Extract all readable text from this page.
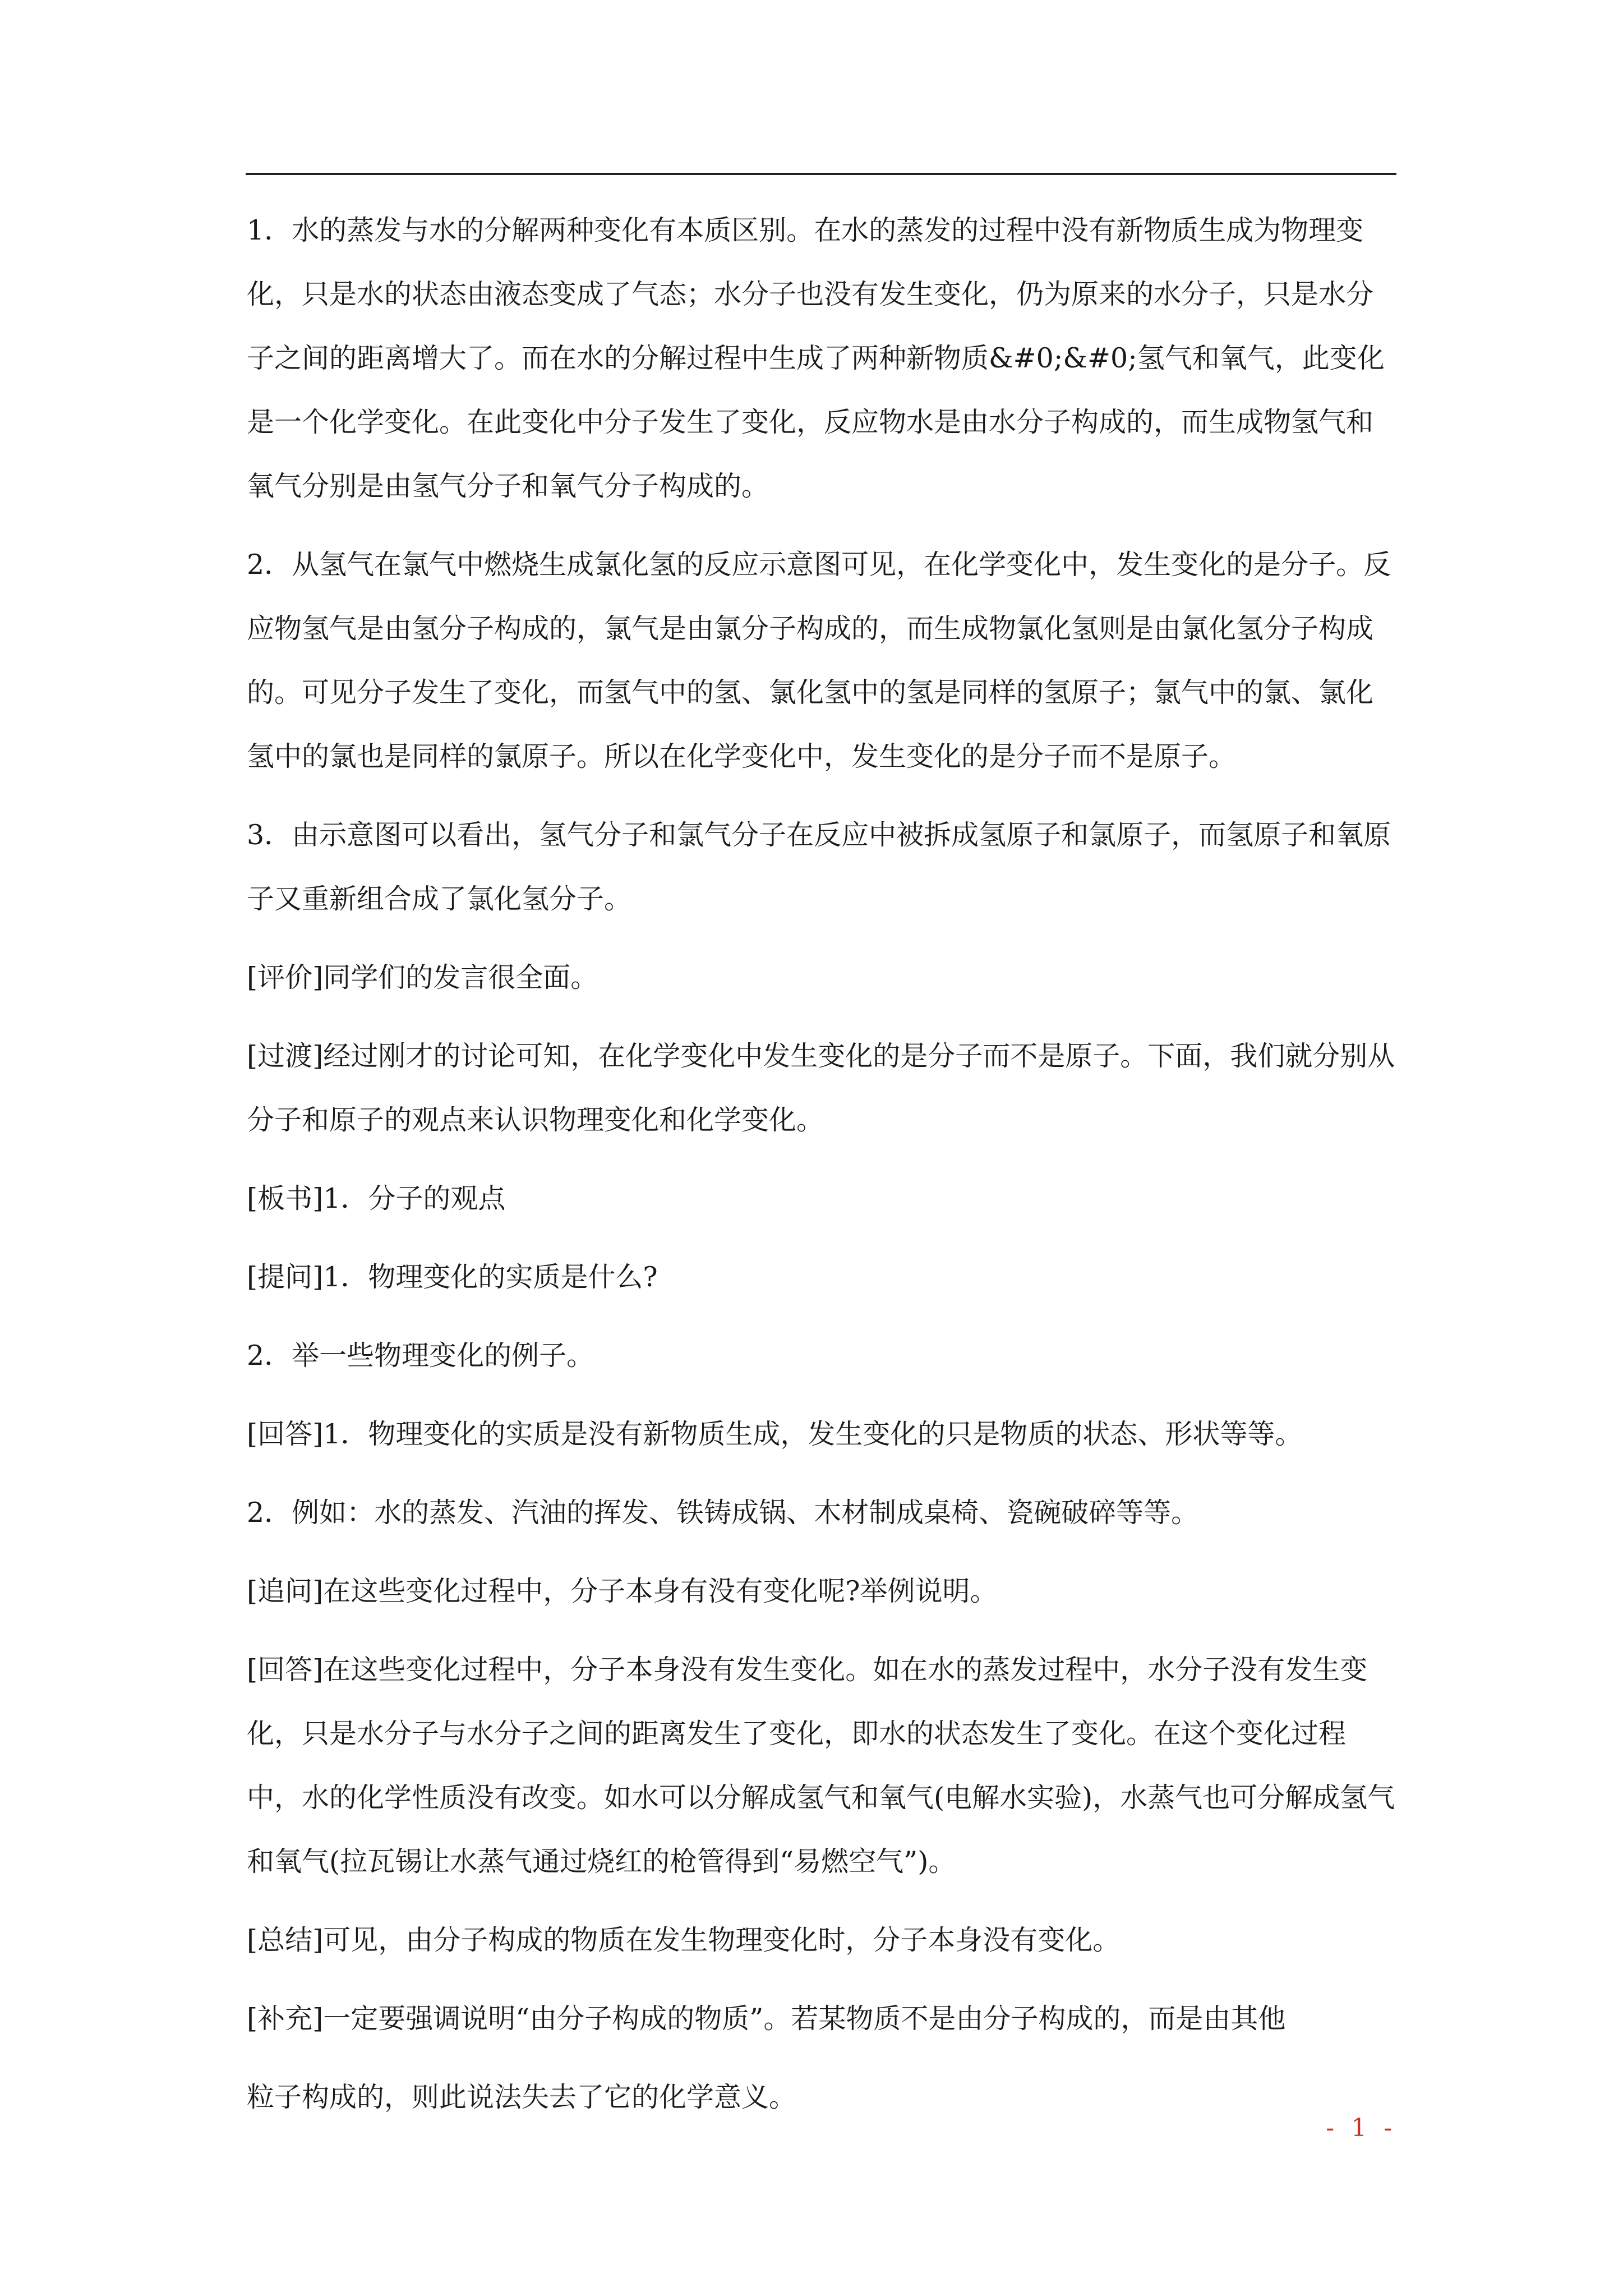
1．水的蒸发与水的分解两种变化有本质区别。在水的蒸发的过程中没有新物质生成为物理变化，只是水的状态由液态变成了气态；水分子也没有发生变化，仍为原来的水分子，只是水分子之间的距离增大了。而在水的分解过程中生成了两种新物质&#0;&#0;氢气和氧气，此变化是一个化学变化。在此变化中分子发生了变化，反应物水是由水分子构成的，而生成物氢气和氧气分别是由氢气分子和氧气分子构成的。

2．从氢气在氯气中燃烧生成氯化氢的反应示意图可见，在化学变化中，发生变化的是分子。反应物氢气是由氢分子构成的，氯气是由氯分子构成的，而生成物氯化氢则是由氯化氢分子构成的。可见分子发生了变化，而氢气中的氢、氯化氢中的氢是同样的氢原子；氯气中的氯、氯化氢中的氯也是同样的氯原子。所以在化学变化中，发生变化的是分子而不是原子。

3．由示意图可以看出，氢气分子和氯气分子在反应中被拆成氢原子和氯原子，而氢原子和氧原子又重新组合成了氯化氢分子。

[评价]同学们的发言很全面。

[过渡]经过刚才的讨论可知，在化学变化中发生变化的是分子而不是原子。下面，我们就分别从分子和原子的观点来认识物理变化和化学变化。

[板书]1．分子的观点

[提问]1．物理变化的实质是什么?

2．举一些物理变化的例子。

[回答]1．物理变化的实质是没有新物质生成，发生变化的只是物质的状态、形状等等。

2．例如：水的蒸发、汽油的挥发、铁铸成锅、木材制成桌椅、瓷碗破碎等等。

[追问]在这些变化过程中，分子本身有没有变化呢?举例说明。

[回答]在这些变化过程中，分子本身没有发生变化。如在水的蒸发过程中，水分子没有发生变化，只是水分子与水分子之间的距离发生了变化，即水的状态发生了变化。在这个变化过程中，水的化学性质没有改变。如水可以分解成氢气和氧气(电解水实验)，水蒸气也可分解成氢气和氧气(拉瓦锡让水蒸气通过烧红的枪管得到“易燃空气”)。

[总结]可见，由分子构成的物质在发生物理变化时，分子本身没有变化。

[补充]一定要强调说明“由分子构成的物质”。若某物质不是由分子构成的，而是由其他

粒子构成的，则此说法失去了它的化学意义。

- 1 -
